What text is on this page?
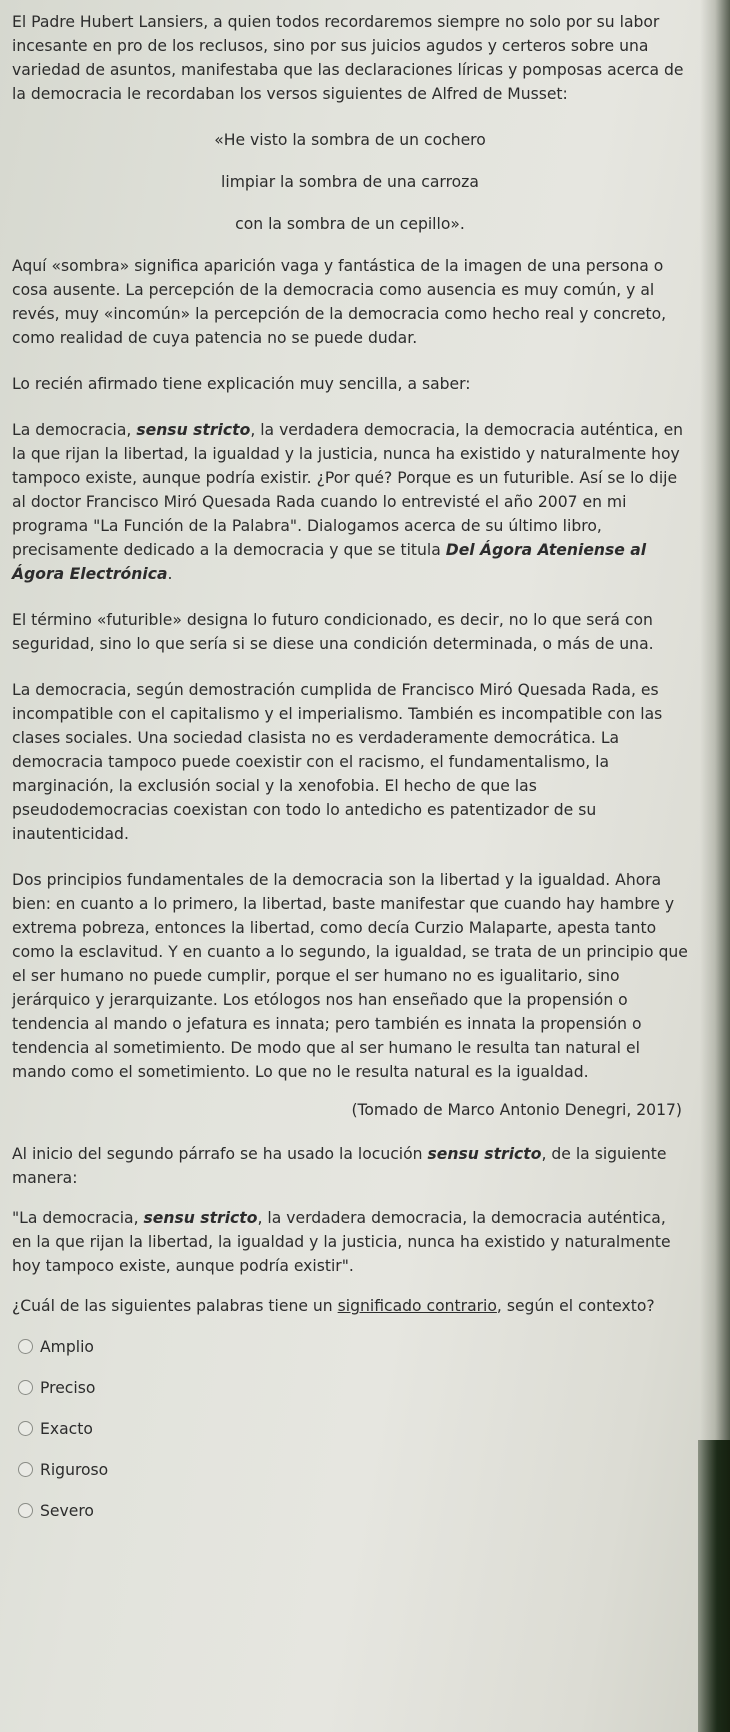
El Padre Hubert Lansiers, a quien todos recordaremos siempre no solo por su labor incesante en pro de los reclusos, sino por sus juicios agudos y certeros sobre una variedad de asuntos, manifestaba que las declaraciones líricas y pomposas acerca de la democracia le recordaban los versos siguientes de Alfred de Musset:

«He visto la sombra de un cochero
limpiar la sombra de una carroza
con la sombra de un cepillo».

Aquí «sombra» significa aparición vaga y fantástica de la imagen de una persona o cosa ausente. La percepción de la democracia como ausencia es muy común, y al revés, muy «incomún» la percepción de la democracia como hecho real y concreto, como realidad de cuya patencia no se puede dudar.

Lo recién afirmado tiene explicación muy sencilla, a saber:

La democracia, sensu stricto, la verdadera democracia, la democracia auténtica, en la que rijan la libertad, la igualdad y la justicia, nunca ha existido y naturalmente hoy tampoco existe, aunque podría existir. ¿Por qué? Porque es un futurible. Así se lo dije al doctor Francisco Miró Quesada Rada cuando lo entrevisté el año 2007 en mi programa "La Función de la Palabra". Dialogamos acerca de su último libro, precisamente dedicado a la democracia y que se titula Del Ágora Ateniense al Ágora Electrónica.

El término «futurible» designa lo futuro condicionado, es decir, no lo que será con seguridad, sino lo que sería si se diese una condición determinada, o más de una.

La democracia, según demostración cumplida de Francisco Miró Quesada Rada, es incompatible con el capitalismo y el imperialismo. También es incompatible con las clases sociales. Una sociedad clasista no es verdaderamente democrática. La democracia tampoco puede coexistir con el racismo, el fundamentalismo, la marginación, la exclusión social y la xenofobia. El hecho de que las pseudodemocracias coexistan con todo lo antedicho es patentizador de su inautenticidad.

Dos principios fundamentales de la democracia son la libertad y la igualdad. Ahora bien: en cuanto a lo primero, la libertad, baste manifestar que cuando hay hambre y extrema pobreza, entonces la libertad, como decía Curzio Malaparte, apesta tanto como la esclavitud. Y en cuanto a lo segundo, la igualdad, se trata de un principio que el ser humano no puede cumplir, porque el ser humano no es igualitario, sino jerárquico y jerarquizante. Los etólogos nos han enseñado que la propensión o tendencia al mando o jefatura es innata; pero también es innata la propensión o tendencia al sometimiento. De modo que al ser humano le resulta tan natural el mando como el sometimiento. Lo que no le resulta natural es la igualdad.

(Tomado de Marco Antonio Denegri, 2017)

Al inicio del segundo párrafo se ha usado la locución sensu stricto, de la siguiente manera:

"La democracia, sensu stricto, la verdadera democracia, la democracia auténtica, en la que rijan la libertad, la igualdad y la justicia, nunca ha existido y naturalmente hoy tampoco existe, aunque podría existir".

¿Cuál de las siguientes palabras tiene un significado contrario, según el contexto?

Amplio
Preciso
Exacto
Riguroso
Severo
